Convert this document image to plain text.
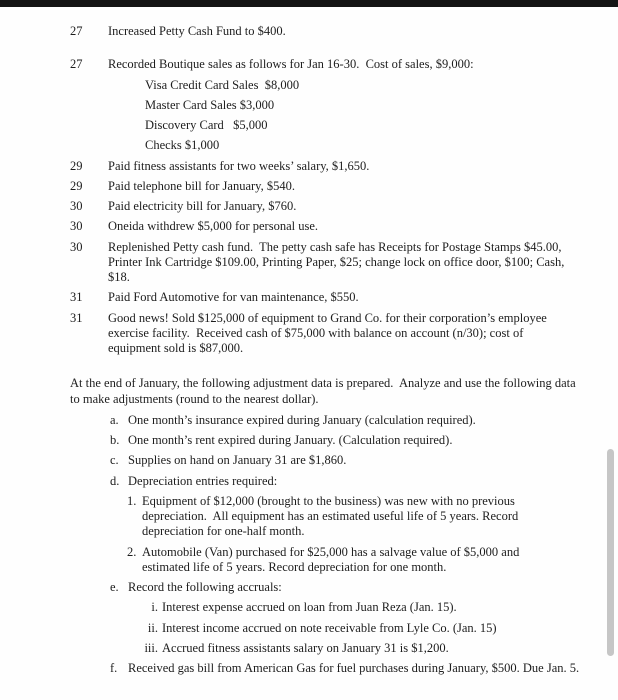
27	Increased Petty Cash Fund to $400.
27	Recorded Boutique sales as follows for Jan 16-30.  Cost of sales, $9,000:
Visa Credit Card Sales  $8,000
Master Card Sales $3,000
Discovery Card   $5,000
Checks $1,000
29	Paid fitness assistants for two weeks’ salary, $1,650.
29	Paid telephone bill for January, $540.
30	Paid electricity bill for January, $760.
30	Oneida withdrew $5,000 for personal use.
30	Replenished Petty cash fund.  The petty cash safe has Receipts for Postage Stamps $45.00, Printer Ink Cartridge $109.00, Printing Paper, $25; change lock on office door, $100; Cash, $18.
31	Paid Ford Automotive for van maintenance, $550.
31	Good news! Sold $125,000 of equipment to Grand Co. for their corporation’s employee exercise facility.  Received cash of $75,000 with balance on account (n/30); cost of equipment sold is $87,000.
At the end of January, the following adjustment data is prepared.  Analyze and use the following data to make adjustments (round to the nearest dollar).
a. One month’s insurance expired during January (calculation required).
b. One month’s rent expired during January. (Calculation required).
c. Supplies on hand on January 31 are $1,860.
d. Depreciation entries required:
1. Equipment of $12,000 (brought to the business) was new with no previous depreciation.  All equipment has an estimated useful life of 5 years. Record depreciation for one-half month.
2. Automobile (Van) purchased for $25,000 has a salvage value of $5,000 and estimated life of 5 years. Record depreciation for one month.
e. Record the following accruals:
i. Interest expense accrued on loan from Juan Reza (Jan. 15).
ii. Interest income accrued on note receivable from Lyle Co. (Jan. 15)
iii. Accrued fitness assistants salary on January 31 is $1,200.
f. Received gas bill from American Gas for fuel purchases during January, $500. Due Jan. 5.
